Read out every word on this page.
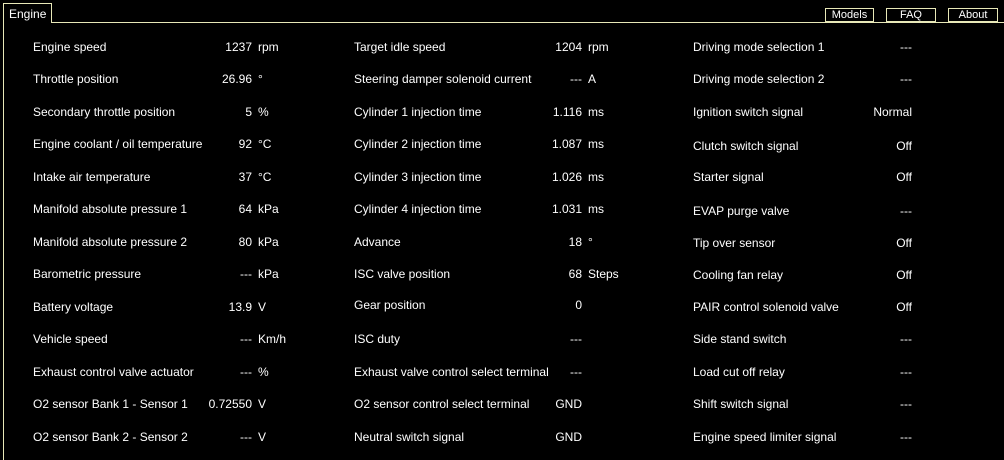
Engine	Models	FAQ	About
Engine speed	1237 rpm
Throttle position	26.96 °
Secondary throttle position	5 %
Engine coolant / oil temperature	92 °C
Intake air temperature	37 °C
Manifold absolute pressure 1	64 kPa
Manifold absolute pressure 2	80 kPa
Barometric pressure	--- kPa
Battery voltage	13.9 V
Vehicle speed	--- Km/h
Exhaust control valve actuator	--- %
O2 sensor Bank 1 - Sensor 1 0.72550 V
O2 sensor Bank 2 - Sensor 2	--- V
Target idle speed	1204 rpm
Steering damper solenoid current	--- A
Cylinder 1 injection time	1.116 ms
Cylinder 2 injection time	1.087 ms
Cylinder 3 injection time	1.026 ms
Cylinder 4 injection time	1.031 ms
Advance	18 °
ISC valve position	68 Steps
Gear position	0
ISC duty	---
Exhaust valve control select terminal ---
O2 sensor control select terminal GND
Neutral switch signal	GND
Driving mode selection 1	---
Driving mode selection 2	---
Ignition switch signal	Normal
Clutch switch signal	Off
Starter signal	Off
EVAP purge valve	---
Tip over sensor	Off
Cooling fan relay	Off
PAIR control solenoid valve	Off
Side stand switch	---
Load cut off relay	---
Shift switch signal	---
Engine speed limiter signal	---
